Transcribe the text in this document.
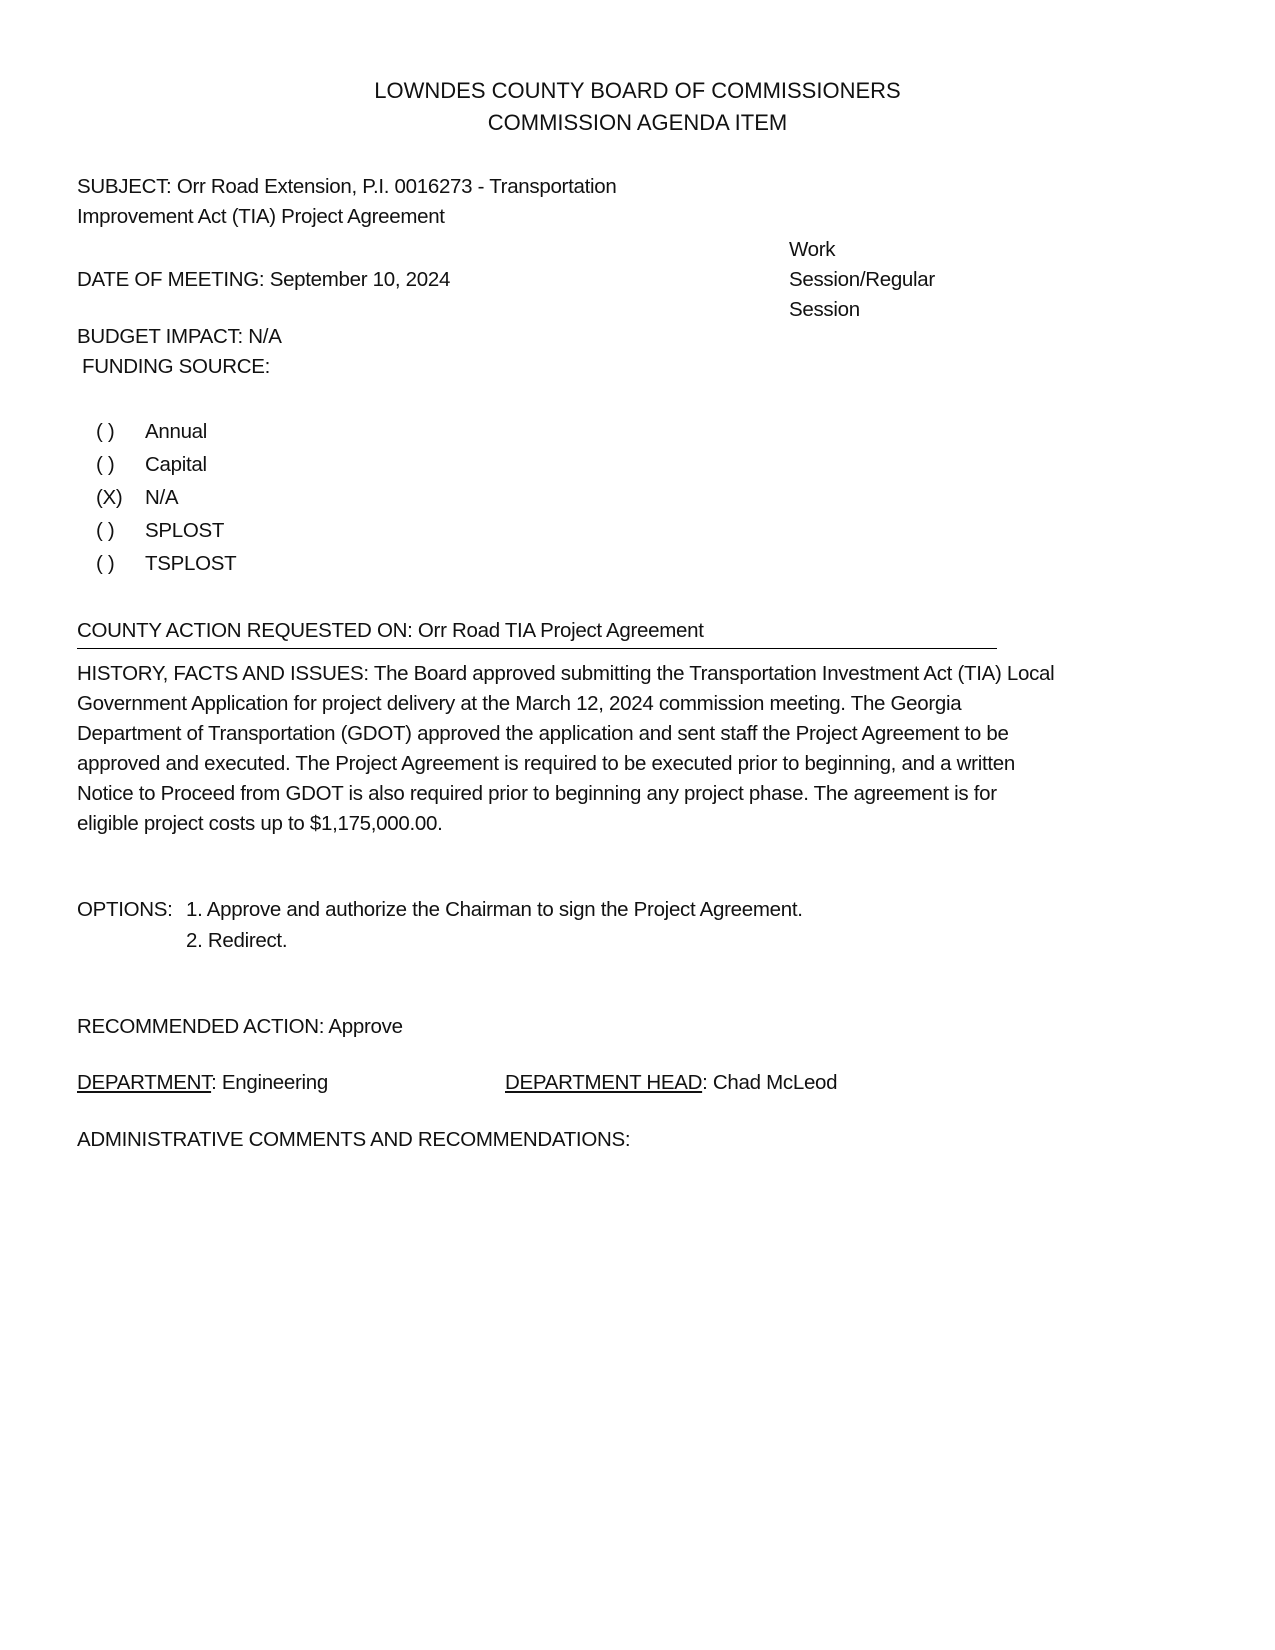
LOWNDES COUNTY BOARD OF COMMISSIONERS
COMMISSION AGENDA ITEM
SUBJECT: Orr Road Extension, P.I. 0016273 - Transportation
Improvement Act (TIA) Project Agreement
DATE OF MEETING: September 10, 2024
Work
Session/Regular
Session
BUDGET IMPACT: N/A
FUNDING SOURCE:
( ) Annual
( ) Capital
(X) N/A
( ) SPLOST
( ) TSPLOST
COUNTY ACTION REQUESTED ON: Orr Road TIA Project Agreement
HISTORY, FACTS AND ISSUES: The Board approved submitting the Transportation Investment Act (TIA) Local
Government Application for project delivery at the March 12, 2024 commission meeting. The Georgia
Department of Transportation (GDOT) approved the application and sent staff the Project Agreement to be
approved and executed. The Project Agreement is required to be executed prior to beginning, and a written
Notice to Proceed from GDOT is also required prior to beginning any project phase. The agreement is for
eligible project costs up to $1,175,000.00.
OPTIONS: 1. Approve and authorize the Chairman to sign the Project Agreement.
2. Redirect.
RECOMMENDED ACTION: Approve
DEPARTMENT: Engineering	DEPARTMENT HEAD: Chad McLeod
ADMINISTRATIVE COMMENTS AND RECOMMENDATIONS:
